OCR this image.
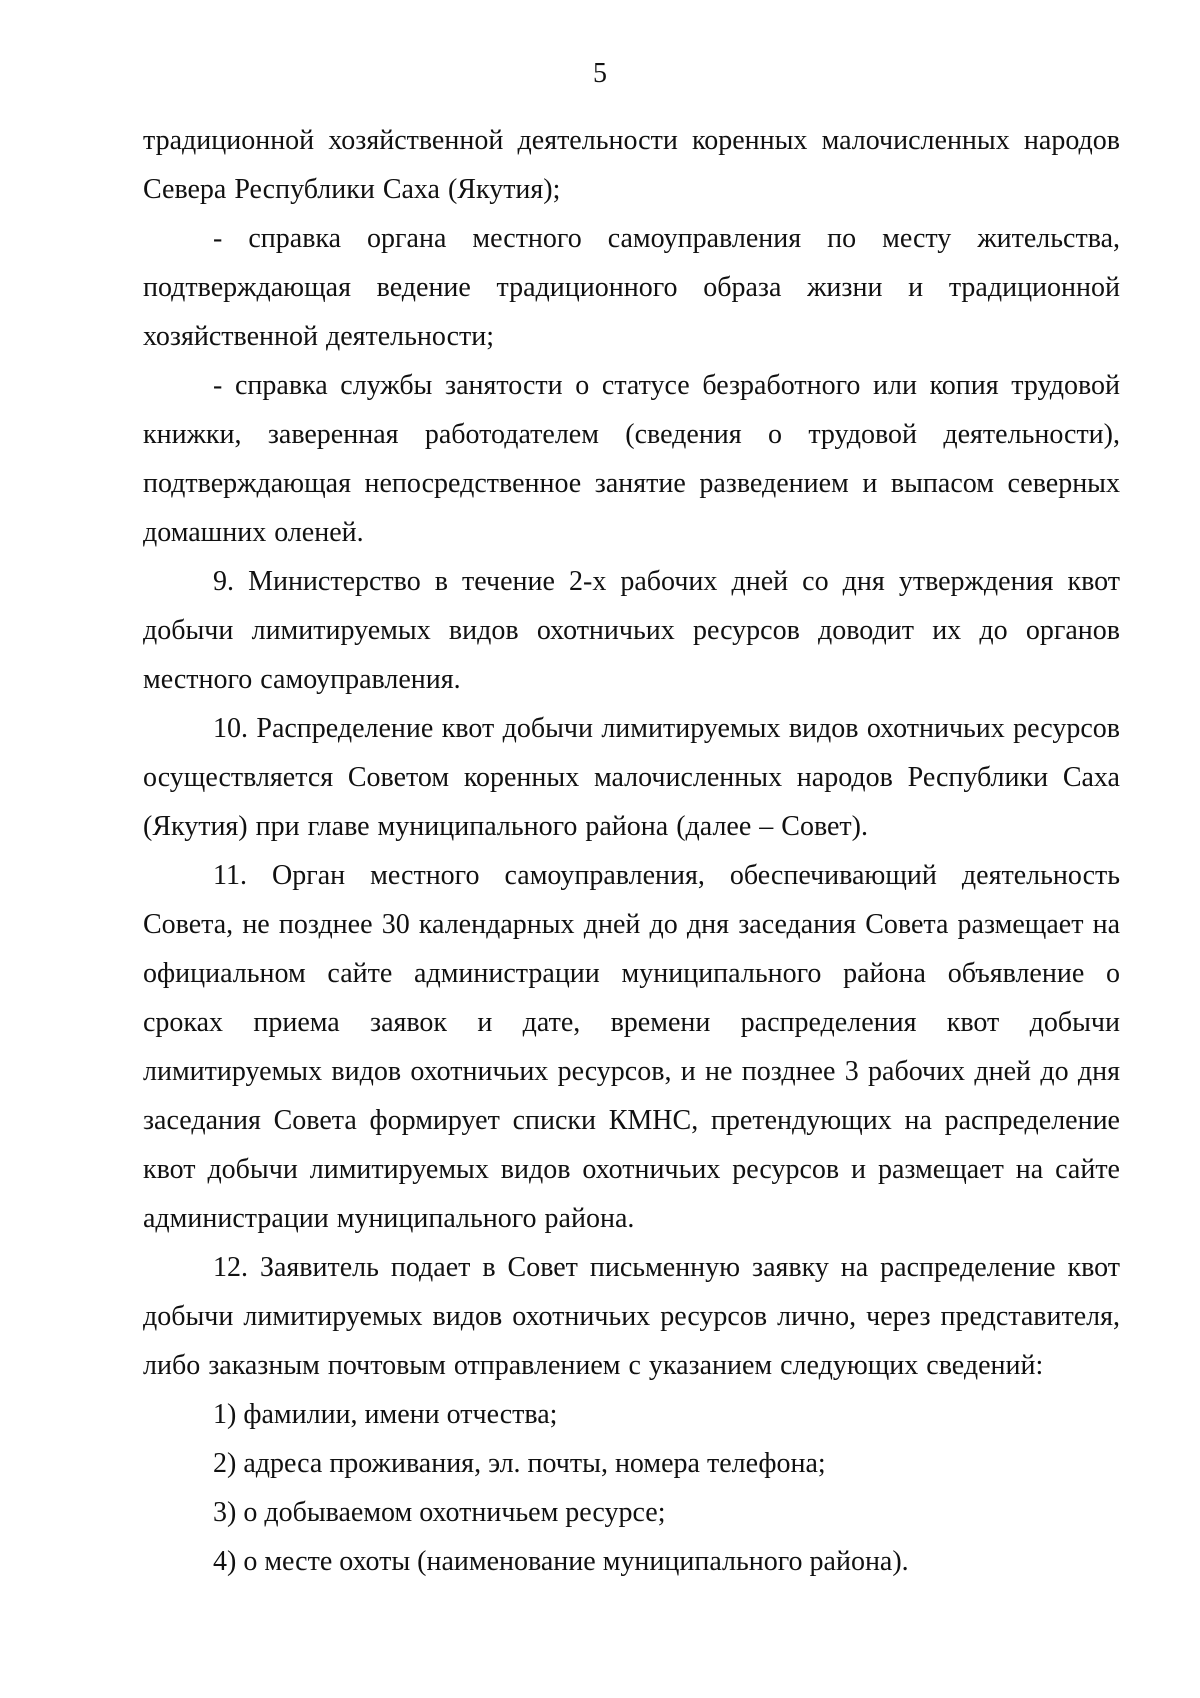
5

традиционной хозяйственной деятельности коренных малочисленных народов Севера Республики Саха (Якутия);

- справка органа местного самоуправления по месту жительства, подтверждающая ведение традиционного образа жизни и традиционной хозяйственной деятельности;

- справка службы занятости о статусе безработного или копия трудовой книжки, заверенная работодателем (сведения о трудовой деятельности), подтверждающая непосредственное занятие разведением и выпасом северных домашних оленей.

9. Министерство в течение 2-х рабочих дней со дня утверждения квот добычи лимитируемых видов охотничьих ресурсов доводит их до органов местного самоуправления.

10. Распределение квот добычи лимитируемых видов охотничьих ресурсов осуществляется Советом коренных малочисленных народов Республики Саха (Якутия) при главе муниципального района (далее – Совет).

11. Орган местного самоуправления, обеспечивающий деятельность Совета, не позднее 30 календарных дней до дня заседания Совета размещает на официальном сайте администрации муниципального района объявление о сроках приема заявок и дате, времени распределения квот добычи лимитируемых видов охотничьих ресурсов, и не позднее 3 рабочих дней до дня заседания Совета формирует списки КМНС, претендующих на распределение квот добычи лимитируемых видов охотничьих ресурсов и размещает на сайте администрации муниципального района.

12. Заявитель подает в Совет письменную заявку на распределение квот добычи лимитируемых видов охотничьих ресурсов лично, через представителя, либо заказным почтовым отправлением с указанием следующих сведений:

1) фамилии, имени отчества;

2) адреса проживания, эл. почты, номера телефона;

3) о добываемом охотничьем ресурсе;

4) о месте охоты (наименование муниципального района).
